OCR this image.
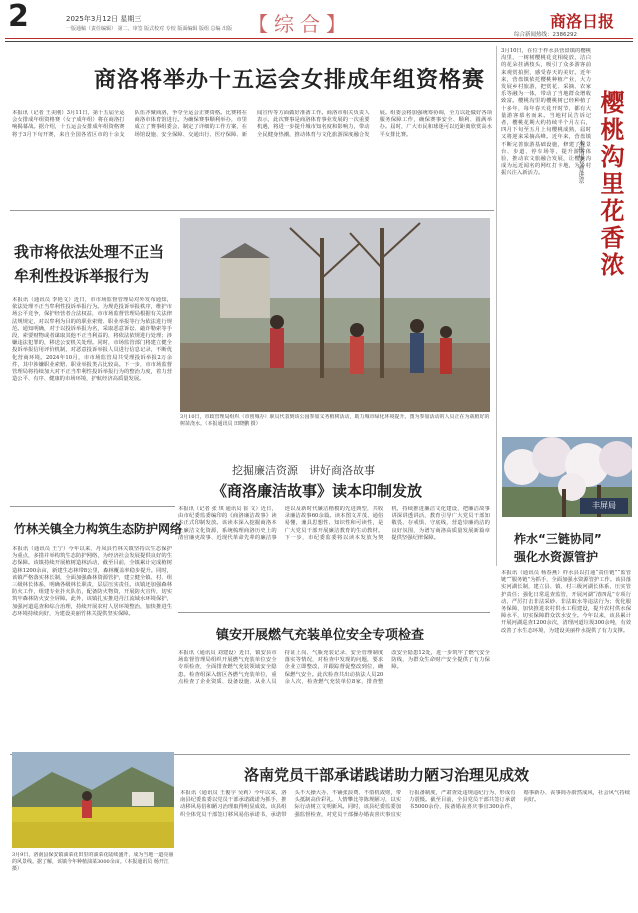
2	2025年3月12日 星期三
一版通稿（责任编辑） 第二、审签 版式校对 专校 版面编辑 版组 总编 出版 【综合】	商洛日报
综合新闻热线：2386292
商洛将举办十五运会女排成年组资格赛
本报讯（记者 王美刚）3月11日，第十五届全运会女排成年组资格赛（女子成年组）将在商洛打响揭幕战。据介绍，十五运会女排成年组资格赛将于3月下旬开赛，来自全国各省区市的十余支队伍齐聚商洛，争夺全运会正赛资格。比赛将在商洛市体育馆进行。为确保赛事顺利举办，市里成立了赛事组委会，制定了详细的工作方案，在场馆设施、安全保障、交通出行、医疗保障、新闻宣传等方面做好准备工作。商洛市相关负责人表示，此次赛事是商洛体育事业发展的一次重要机遇，将进一步提升城市知名度和影响力，带动全民健身热潮，推动体育与文化旅游深度融合发展。组委会将加强统筹协调，全力以赴做好各项服务保障工作，确保赛事安全、顺利、圆满举办。届时，广大市民和球迷可以近距离欣赏高水平女排比赛。
3月10日，在位于柞水县营盘镇的樱桃沟里，一树树樱桃花竞相绽放，洁白的花朵挂满枝头，吸引了众多游客前来观赏拍照，感受春天的美好。近年来，营盘镇依托樱桃种植产业，大力发展乡村旅游，把赏花、采摘、农家乐等融为一体，带动了当地群众增收致富。樱桃沟里的樱桃树已经种植了十多年，每年春天花开时节，都有大量游客慕名而来。当地村民告诉记者，樱桃花期大约持续半个月左右，四月下旬至五月上旬樱桃成熟，届时又将迎来采摘高峰。近年来，营盘镇不断完善旅游基础设施，修建了观景台、步道、停车场等，提升游客体验，推动农文旅融合发展，让樱桃沟成为远近闻名的网红打卡地，为乡村振兴注入新活力。	樱桃沟里花香浓
本报记者 曹进京
丰屏局
我市将依法处理不正当
牟利性投诉举报行为
本报讯（通讯员 李艳文）近日，市市场监督管理局对外发布通知，依法处理不正当牟利性投诉举报行为。为规范投诉举报秩序，维护市场公平竞争，保护经营者合法权益，市市场监督管理局根据有关法律法规规定，对以牟利为目的的职业索赔、职业举报等行为依法进行规范。通知明确，对于以投诉举报为名，采取恶意诉讼、敲诈勒索等手段，索要财物或者谋取其他不正当利益的，将依法依规进行处理；涉嫌违法犯罪的，移送公安机关处理。同时，市场监管部门将建立健全投诉举报信用评价机制，对恶意投诉举报人员进行信息记录，不断优化营商环境。2024年10月，市市场监管局共受理投诉举报2万余件，其中涉嫌职业索赔、职业举报类占比较高。下一步，市市场监督管理局将持续加大对不正当牟利性投诉举报行为的整治力度，着力营造公平、有序、健康的市场环境，护航经济高质量发展。
3月10日，市政管理局组织（市创城办）职员代表到该公园参加义务植树活动，助力城市绿化环境提升。图为参加活动的人员正在为栽植好的树苗浇水。（本报通讯员 田晓鹏 摄）
竹林关镇全力构筑生态防护网络
本报讯（通讯员 王宁）今年以来，丹凤县竹林关镇坚持以生态保护为重点，多措并举构筑生态防护网络，为经济社会发展提供良好的生态保障。该镇持续开展植树造林活动，截至目前，全镇累计完成植树造林1200余亩，新建生态林带8公里，森林覆盖率稳步提升。同时，该镇严格落实林长制，全面加强森林资源管护，建立健全镇、村、组三级林长体系，明确各级林长职责，层层压实责任。该镇还加强森林防火工作，组建专业扑火队伍，配备防火物资，开展防火宣传，切实筑牢森林防火安全屏障。此外，该镇扎实推进丹江流域水环境保护，加强河道巡查和综合治理，持续开展农村人居环境整治，加快推进生态环境持续向好，为建设美丽竹林关提供坚实保障。
挖掘廉洁资源　讲好商洛故事
《商洛廉洁故事》读本印制发放
本报讯（记者 张 琪 通讯员 崔 文）近日，由市纪委监委编印的《商洛廉洁故事》读本正式印制发放。该读本深入挖掘商洛本土廉洁文化资源，系统梳理商洛历史上的清官廉吏故事、近现代革命先辈的廉洁事迹以及新时代廉洁楷模的先进典型，共收录廉洁故事60余篇。读本图文并茂、通俗易懂，兼具思想性、知识性和可读性，是广大党员干部开展廉洁教育的生动教材。下一步，市纪委监委将以读本发放为契机，持续推进廉洁文化建设，把廉洁故事讲深讲透讲活，教育引导广大党员干部知敬畏、存戒惧、守底线，营造崇廉尚洁的良好氛围，为谱写商洛高质量发展新篇章提供坚强纪律保障。	柞水“三链协同”
强化水资源管护
本报讯（通讯员 杨春燕）柞水县以打通“责任链”“监管链”“服务链”为抓手，全面加强水资源管护工作。该县落实河湖长制，建立县、镇、村三级河湖长体系，压实管护责任；强化日常巡查监管，开展河湖“清四乱”专项行动，严厉打击非法采砂、非法取水等违法行为；优化服务保障，加快推进农村供水工程建设，提升农村供水保障水平，切实保障群众饮水安全。今年以来，该县累计开展河湖巡查1200余次，清理河道垃圾300余吨，有效改善了水生态环境，为建设美丽柞水提供了有力支撑。
镇安开展燃气充装单位安全专项检查
本报讯（通讯员 刘建设）近日，镇安县市场监督管理局组织开展燃气充装单位安全专项检查，全面排查燃气充装领域安全隐患。检查组深入辖区各燃气充装单位，重点检查了企业资质、设备设施、从业人员持证上岗、气瓶充装记录、安全管理制度落实等情况，对检查中发现的问题，要求企业立即整改，并跟踪督促整改到位，确保燃气安全。此次检查共出动执法人员20余人次，检查燃气充装单位8家，排查整改安全隐患12处，进一步筑牢了燃气安全防线，为群众生命财产安全提供了有力保障。
洛南党员干部承诺践诺助力陋习治理见成效
3月9日，洛南县保安镇油菜花田里的油菜花陆续盛开，成为当地一道亮丽的风景线。据了解，该镇今年种植油菜3000余亩。（本报通讯员 杨开江 摄）
本报讯（通讯员 王俊宇 吴莉）今年以来，洛南县纪委监委以党员干部承诺践诺为抓手，推动移风易俗和陋习治理取得明显成效。该县组织全体党员干部签订移风易俗承诺书，承诺带头不大操大办、不铺张浪费、不借机敛财，带头抵制高价彩礼、人情攀比等陈规陋习，以实际行动树立文明新风。同时，该县纪委监委加强监督检查，对党员干部操办婚丧喜庆事宜实行报备制度，严肃查处违规违纪行为，形成有力震慑。截至目前，全县党员干部共签订承诺书5000余份，报备婚丧喜庆事宜300余件，婚事新办、丧事简办蔚然成风，社会风气持续向好。
